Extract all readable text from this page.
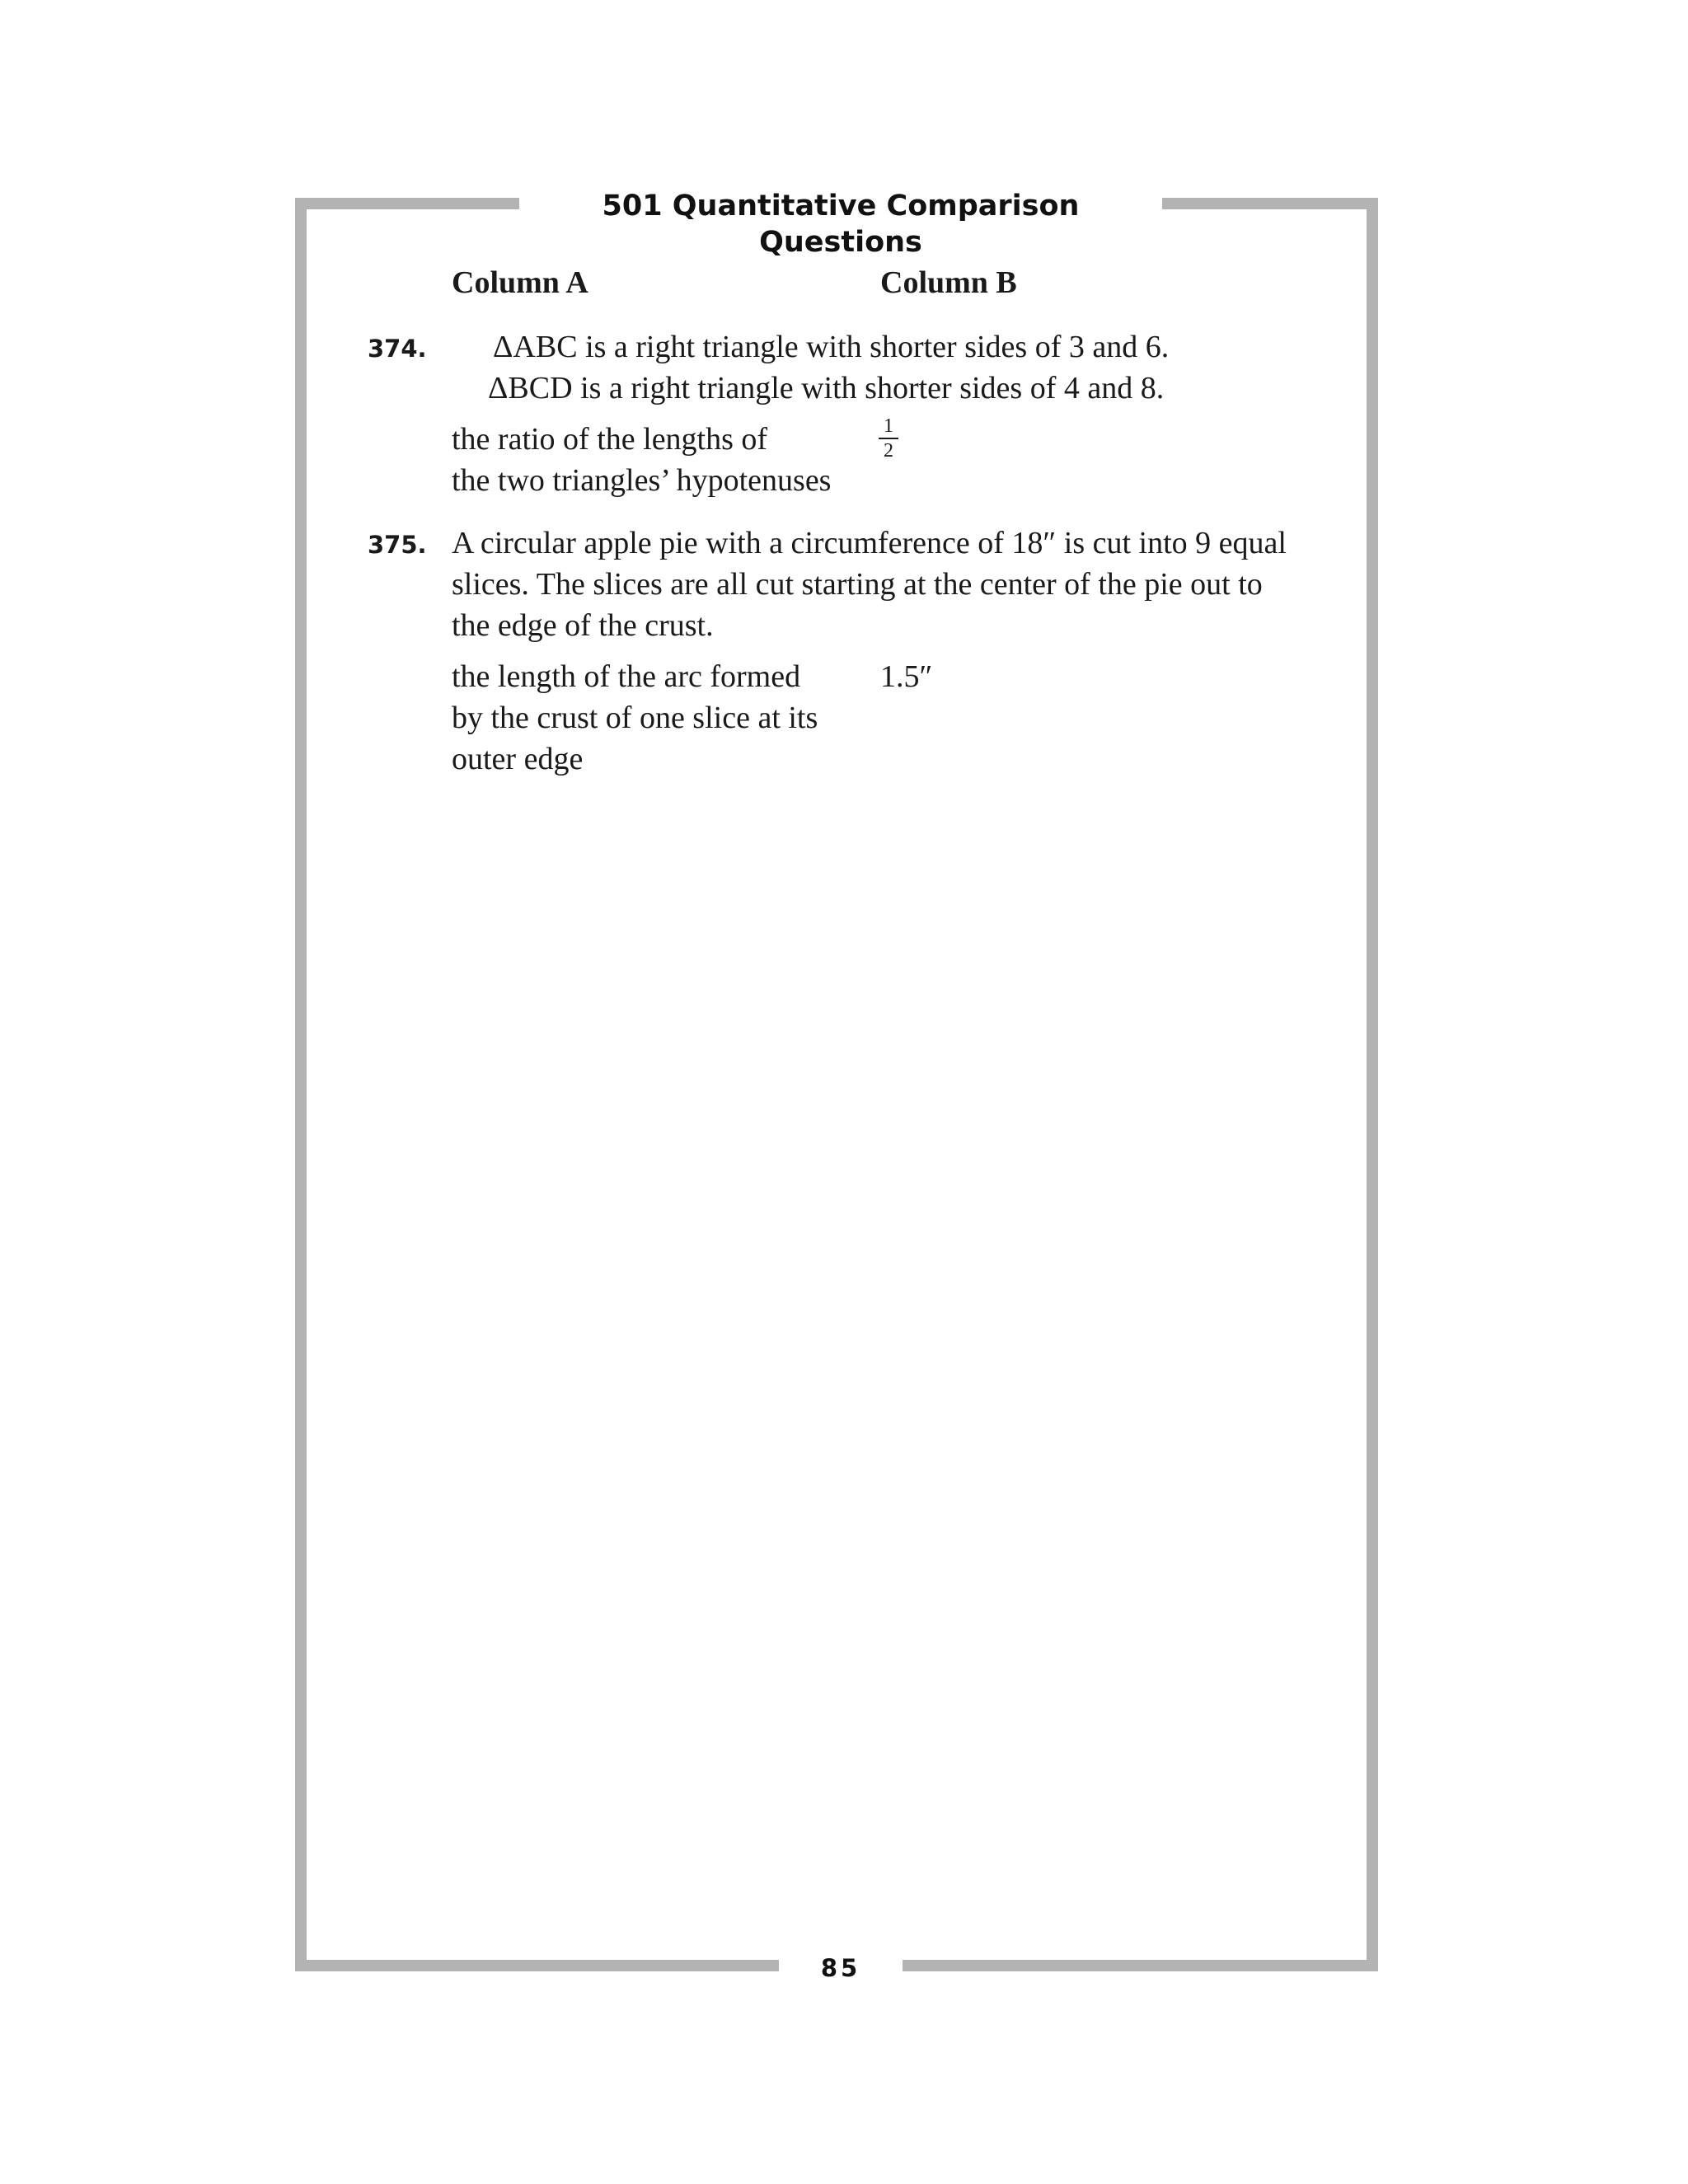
501 Quantitative Comparison Questions
Column A	Column B
374. ΔABC is a right triangle with shorter sides of 3 and 6.
ΔBCD is a right triangle with shorter sides of 4 and 8.
the ratio of the lengths of
the two triangles’ hypotenuses
$\frac{1}{2}$
375. A circular apple pie with a circumference of 18″ is cut into 9 equal
slices. The slices are all cut starting at the center of the pie out to
the edge of the crust.
the length of the arc formed
by the crust of one slice at its
outer edge
1.5″
85
